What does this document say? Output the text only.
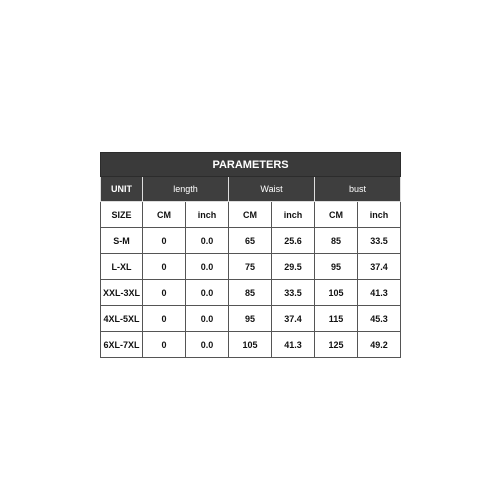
PARAMETERS						
UNIT	length		Waist		bust	
SIZE	CM	inch	CM	inch	CM	inch
S-M	0	0.0	65	25.6	85	33.5
L-XL	0	0.0	75	29.5	95	37.4
XXL-3XL	0	0.0	85	33.5	105	41.3
4XL-5XL	0	0.0	95	37.4	115	45.3
6XL-7XL	0	0.0	105	41.3	125	49.2
